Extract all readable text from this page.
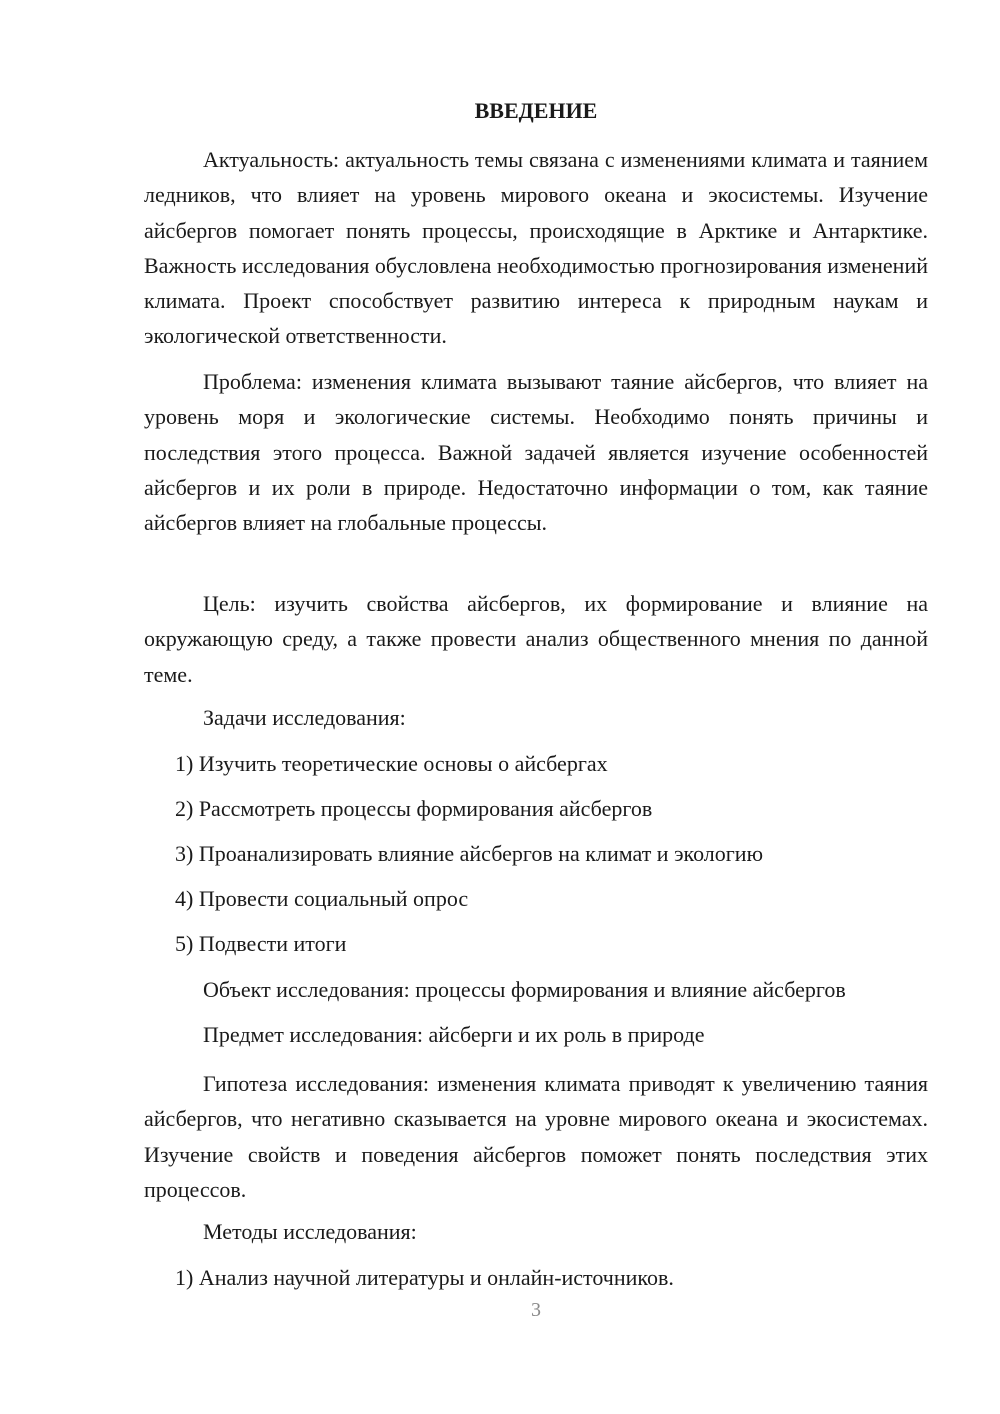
ВВЕДЕНИЕ

Актуальность: актуальность темы связана с изменениями климата и таянием ледников, что влияет на уровень мирового океана и экосистемы. Изучение айсбергов помогает понять процессы, происходящие в Арктике и Антарктике. Важность исследования обусловлена необходимостью прогнозирования изменений климата. Проект способствует развитию интереса к природным наукам и экологической ответственности.

Проблема: изменения климата вызывают таяние айсбергов, что влияет на уровень моря и экологические системы. Необходимо понять причины и последствия этого процесса. Важной задачей является изучение особенностей айсбергов и их роли в природе. Недостаточно информации о том, как таяние айсбергов влияет на глобальные процессы.

Цель: изучить свойства айсбергов, их формирование и влияние на окружающую среду, а также провести анализ общественного мнения по данной теме.

Задачи исследования:

1) Изучить теоретические основы о айсбергах

2) Рассмотреть процессы формирования айсбергов

3) Проанализировать влияние айсбергов на климат и экологию

4) Провести социальный опрос

5) Подвести итоги

Объект исследования: процессы формирования и влияние айсбергов

Предмет исследования: айсберги и их роль в природе

Гипотеза исследования: изменения климата приводят к увеличению таяния айсбергов, что негативно сказывается на уровне мирового океана и экосистемах. Изучение свойств и поведения айсбергов поможет понять последствия этих процессов.

Методы исследования:

1) Анализ научной литературы и онлайн-источников.

3
